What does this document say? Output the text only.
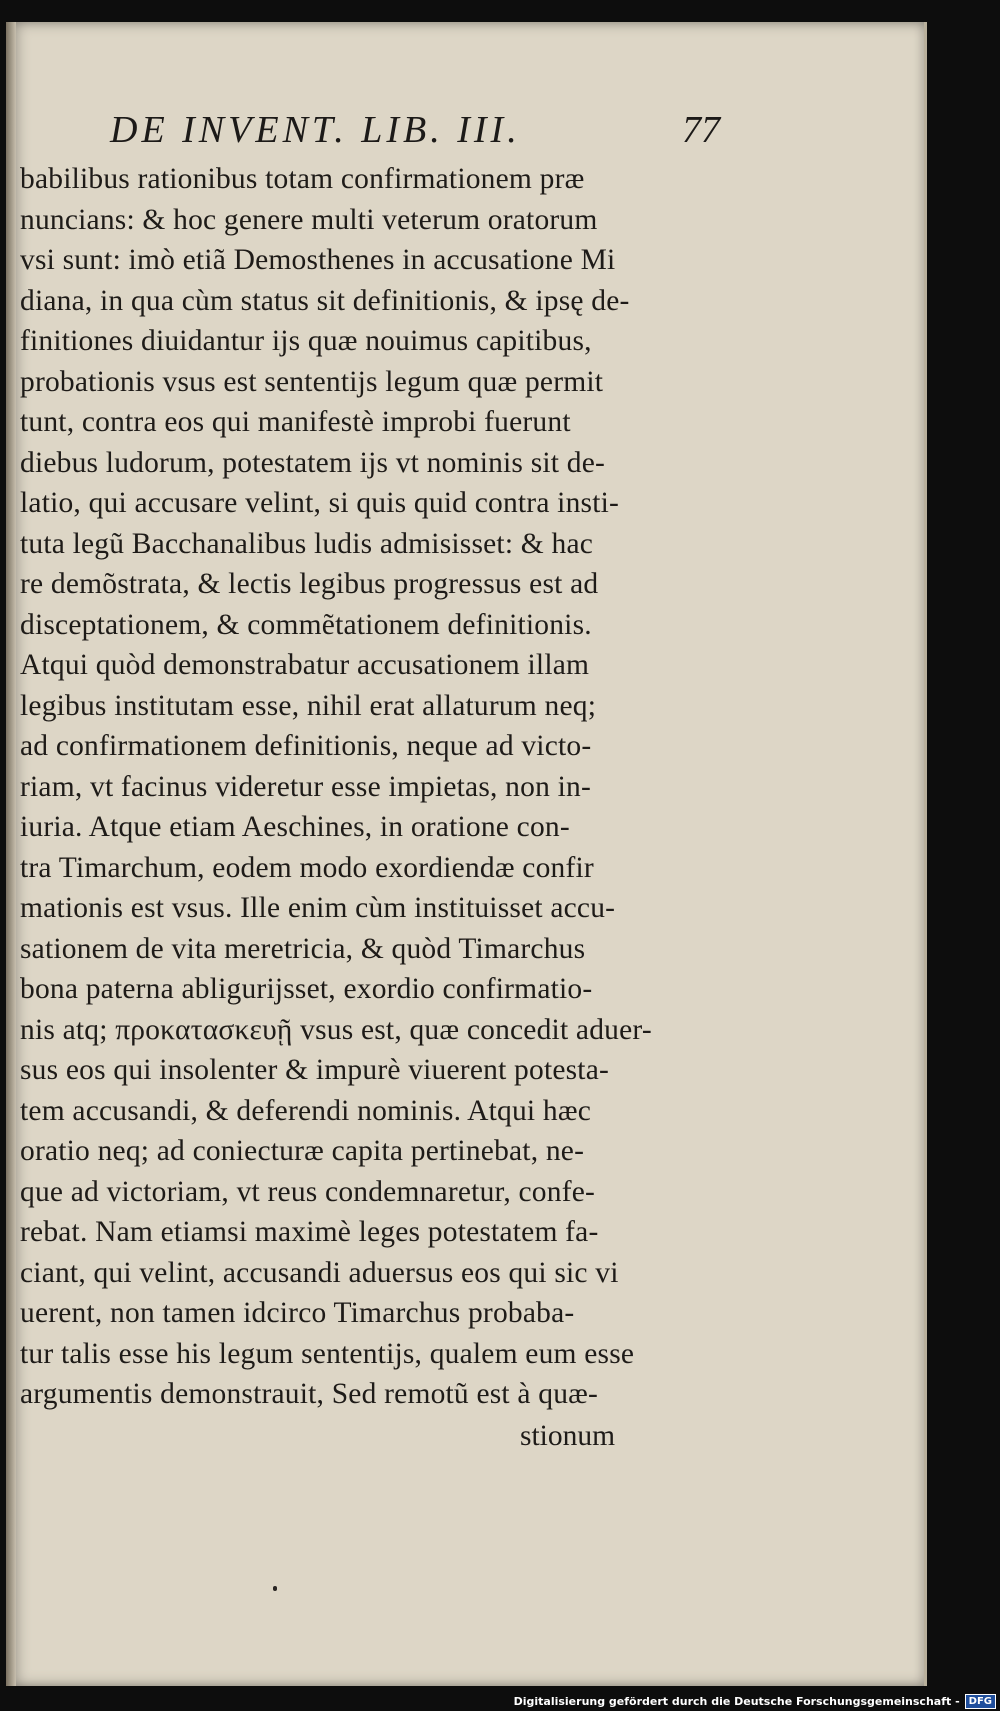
DE INVENT. LIB. III.	77
babilibus rationibus totam confirmationem præ
nuncians: & hoc genere multi veterum oratorum
vsi sunt: imò etiã Demosthenes in accusatione Mi
diana, in qua cùm status sit definitionis, & ipsę de-
finitiones diuidantur ijs quæ nouimus capitibus,
probationis vsus est sententijs legum quæ permit
tunt, contra eos qui manifestè improbi fuerunt
diebus ludorum, potestatem ijs vt nominis sit de-
latio, qui accusare velint, si quis quid contra insti-
tuta legũ Bacchanalibus ludis admisisset: & hac
re demõstrata, & lectis legibus progressus est ad
disceptationem, & commẽtationem definitionis.
Atqui quòd demonstrabatur accusationem illam
legibus institutam esse, nihil erat allaturum neq;
ad confirmationem definitionis, neque ad victo-
riam, vt facinus videretur esse impietas, non in-
iuria. Atque etiam Aeschines, in oratione con-
tra Timarchum, eodem modo exordiendæ confir
mationis est vsus. Ille enim cùm instituisset accu-
sationem de vita meretricia, & quòd Timarchus
bona paterna abligurijsset, exordio confirmatio-
nis atq; προκατασκευῇ vsus est, quæ concedit aduer-
sus eos qui insolenter & impurè viuerent potesta-
tem accusandi, & deferendi nominis. Atqui hæc
oratio neq; ad coniecturæ capita pertinebat, ne-
que ad victoriam, vt reus condemnaretur, confe-
rebat. Nam etiamsi maximè leges potestatem fa-
ciant, qui velint, accusandi aduersus eos qui sic vi
uerent, non tamen idcirco Timarchus probaba-
tur talis esse his legum sententijs, qualem eum esse
argumentis demonstrauit, Sed remotũ est à quæ-
stionum
Digitalisierung gefördert durch die Deutsche Forschungsgemeinschaft - DFG
